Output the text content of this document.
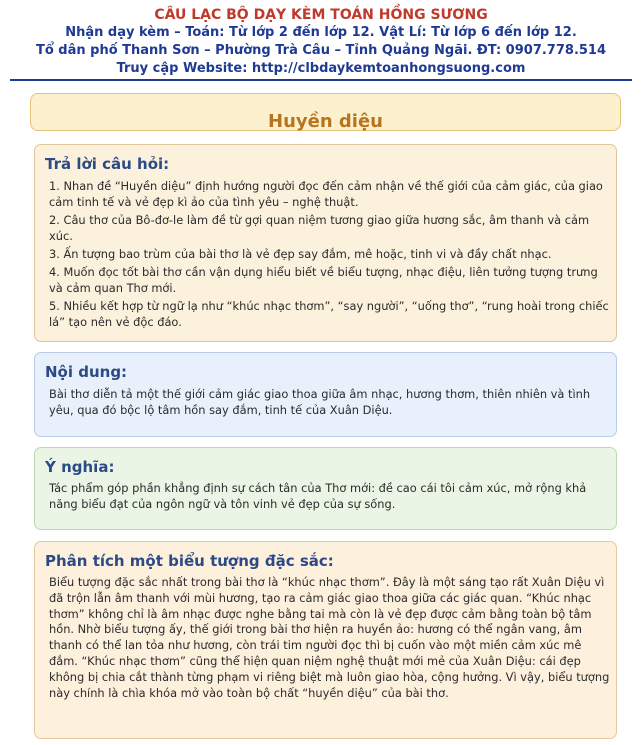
CÂU LẠC BỘ DẠY KÈM TOÁN HỒNG SƯƠNG
Nhận dạy kèm – Toán: Từ lớp 2 đến lớp 12. Vật Lí: Từ lớp 6 đến lớp 12.
Tổ dân phố Thanh Sơn – Phường Trà Câu – Tỉnh Quảng Ngãi. ĐT: 0907.778.514
Truy cập Website: http://clbdaykemtoanhongsuong.com
Huyền diệu
Trả lời câu hỏi:
1. Nhan đề “Huyền diệu” định hướng người đọc đến cảm nhận về thế giới của cảm giác, của giao cảm tinh tế và vẻ đẹp kì ảo của tình yêu – nghệ thuật.
2. Câu thơ của Bô-đơ-le làm đề từ gợi quan niệm tương giao giữa hương sắc, âm thanh và cảm xúc.
3. Ấn tượng bao trùm của bài thơ là vẻ đẹp say đắm, mê hoặc, tinh vi và đầy chất nhạc.
4. Muốn đọc tốt bài thơ cần vận dụng hiểu biết về biểu tượng, nhạc điệu, liên tưởng tượng trưng và cảm quan Thơ mới.
5. Nhiều kết hợp từ ngữ lạ như “khúc nhạc thơm”, “say người”, “uống thơ”, “rung hoài trong chiếc lá” tạo nên vẻ độc đáo.
Nội dung:

Bài thơ diễn tả một thế giới cảm giác giao thoa giữa âm nhạc, hương thơm, thiên nhiên và tình yêu, qua đó bộc lộ tâm hồn say đắm, tinh tế của Xuân Diệu.

Ý nghĩa:

Tác phẩm góp phần khẳng định sự cách tân của Thơ mới: đề cao cái tôi cảm xúc, mở rộng khả năng biểu đạt của ngôn ngữ và tôn vinh vẻ đẹp của sự sống.

Phân tích một biểu tượng đặc sắc:

Biểu tượng đặc sắc nhất trong bài thơ là “khúc nhạc thơm”. Đây là một sáng tạo rất Xuân Diệu vì đã trộn lẫn âm thanh với mùi hương, tạo ra cảm giác giao thoa giữa các giác quan. “Khúc nhạc thơm” không chỉ là âm nhạc được nghe bằng tai mà còn là vẻ đẹp được cảm bằng toàn bộ tâm hồn. Nhờ biểu tượng ấy, thế giới trong bài thơ hiện ra huyền ảo: hương có thể ngân vang, âm thanh có thể lan tỏa như hương, còn trái tim người đọc thì bị cuốn vào một miền cảm xúc mê đắm. “Khúc nhạc thơm” cũng thể hiện quan niệm nghệ thuật mới mẻ của Xuân Diệu: cái đẹp không bị chia cắt thành từng phạm vi riêng biệt mà luôn giao hòa, cộng hưởng. Vì vậy, biểu tượng này chính là chìa khóa mở vào toàn bộ chất “huyền diệu” của bài thơ.
